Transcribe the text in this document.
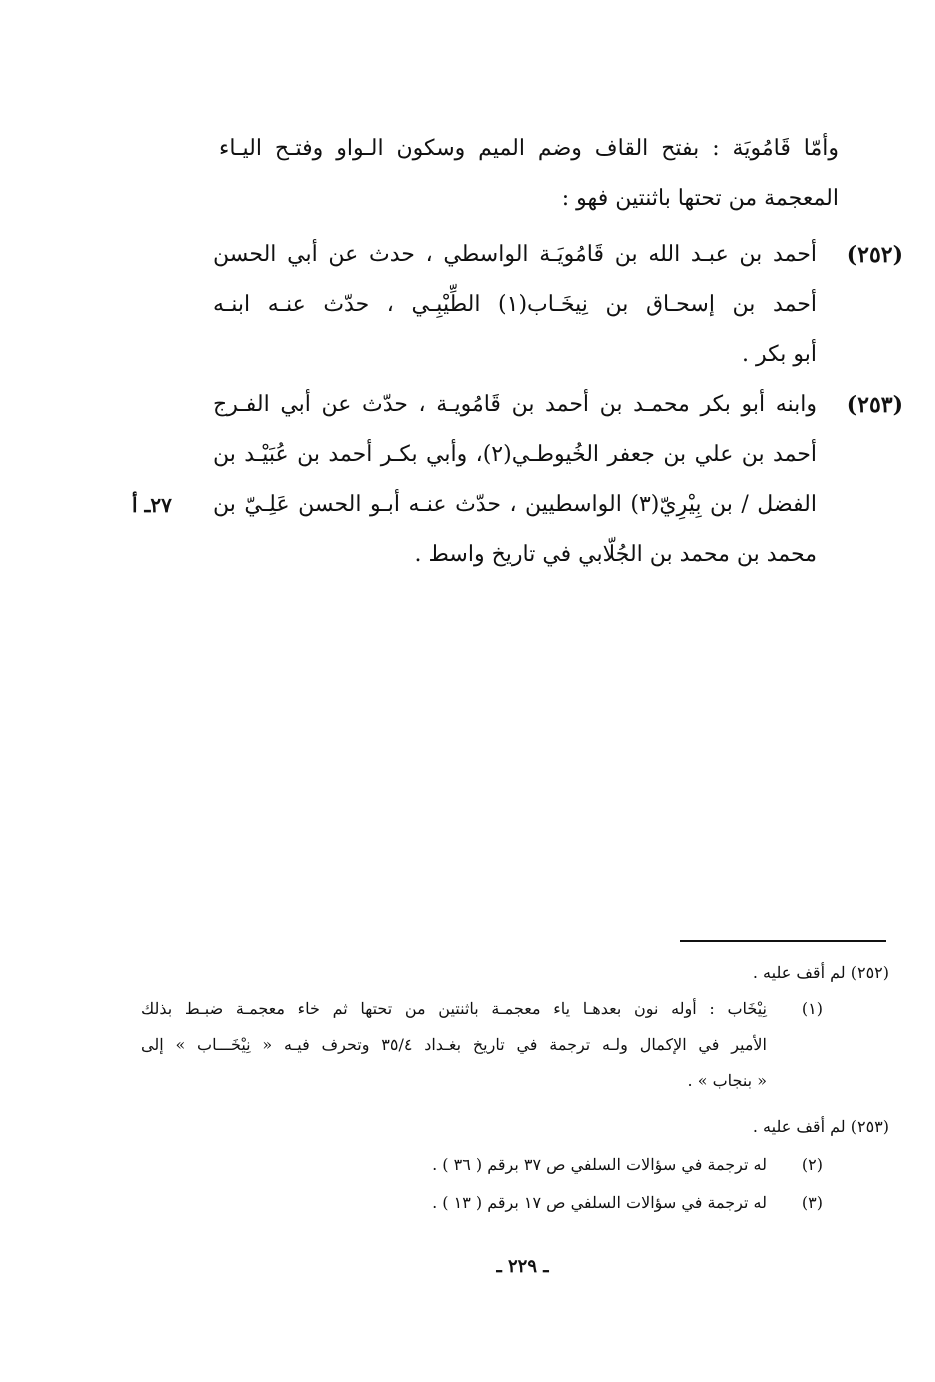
وأمّا قَامُويَة : بفتح القاف وضم الميم وسكون الـواو وفتـح اليـاء
المعجمة من تحتها باثنتين فهو :
(٢٥٢)
أحمد بن عبـد الله بن قَامُويَـة الواسطي ، حدث عن أبي الحسن
أحمد بن إسحـاق بن نِيخَـاب(١) الطِّيْبِـي ، حدّث عنـه ابنـه
أبو بكر .
(٢٥٣)
وابنه أبو بكر محمـد بن أحمد بن قَامُويـة ، حدّث عن أبي الفـرج
أحمد بن علي بن جعفر الخُيوطـي(٢)، وأبي بكـر أحمد بن عُبَيْـد بن
الفضل / بن بِيْرِيّ(٣) الواسطيين ، حدّث عنـه أبـو الحسن عَلِـيّ بن
محمد بن محمد بن الجُلّابي في تاريخ واسط .
٢٧ـ أ
(٢٥٢) لم أقف عليه .
(١)
نِيْخَاب : أوله نون بعدهـا ياء معجمـة باثنتين من تحتها ثم خاء معجمـة ضبـط بذلك
الأمير في الإكمال ولـه ترجمة في تاريخ بغـداد ٣٥/٤ وتحرف فيـه « نِيْخَـــاب » إلى
« بنجاب » .
(٢٥٣) لم أقف عليه .
(٢)
له ترجمة في سؤالات السلفي ص ٣٧ برقم ( ٣٦ ) .
(٣)
له ترجمة في سؤالات السلفي ص ١٧ برقم ( ١٣ ) .
ـ ٢٢٩ ـ
